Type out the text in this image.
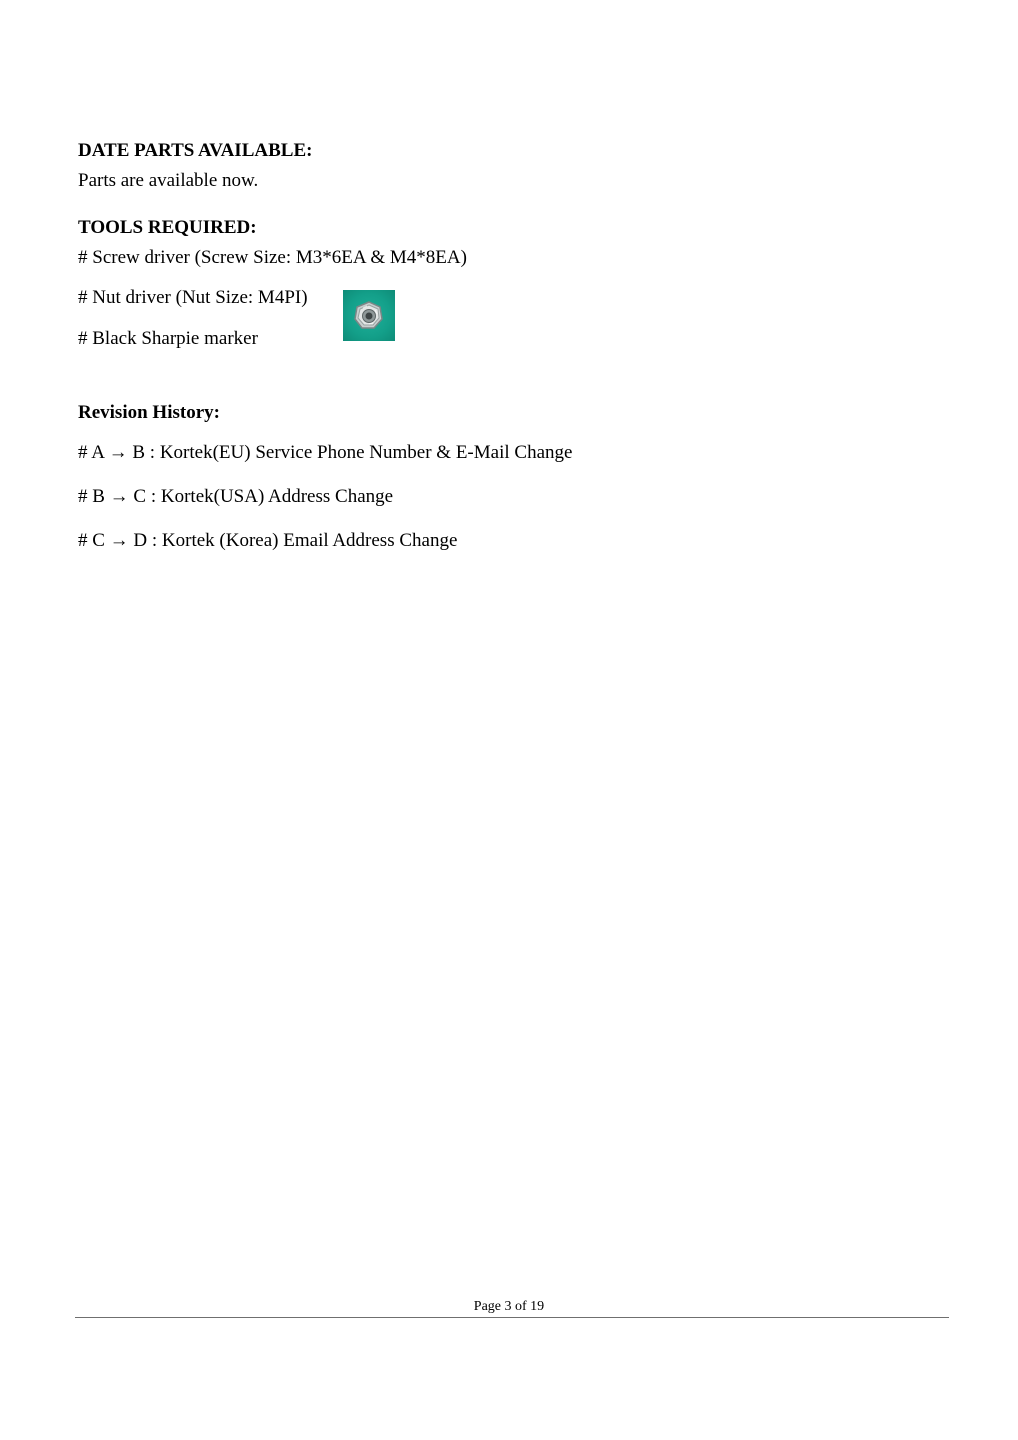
DATE PARTS AVAILABLE:
Parts are available now.
TOOLS REQUIRED:
# Screw driver (Screw Size: M3*6EA & M4*8EA)
# Nut driver (Nut Size: M4PI)
# Black Sharpie marker
Revision History:
# A → B : Kortek(EU) Service Phone Number & E-Mail Change
# B → C : Kortek(USA) Address Change
# C → D : Kortek (Korea) Email Address Change
Page 3 of 19
